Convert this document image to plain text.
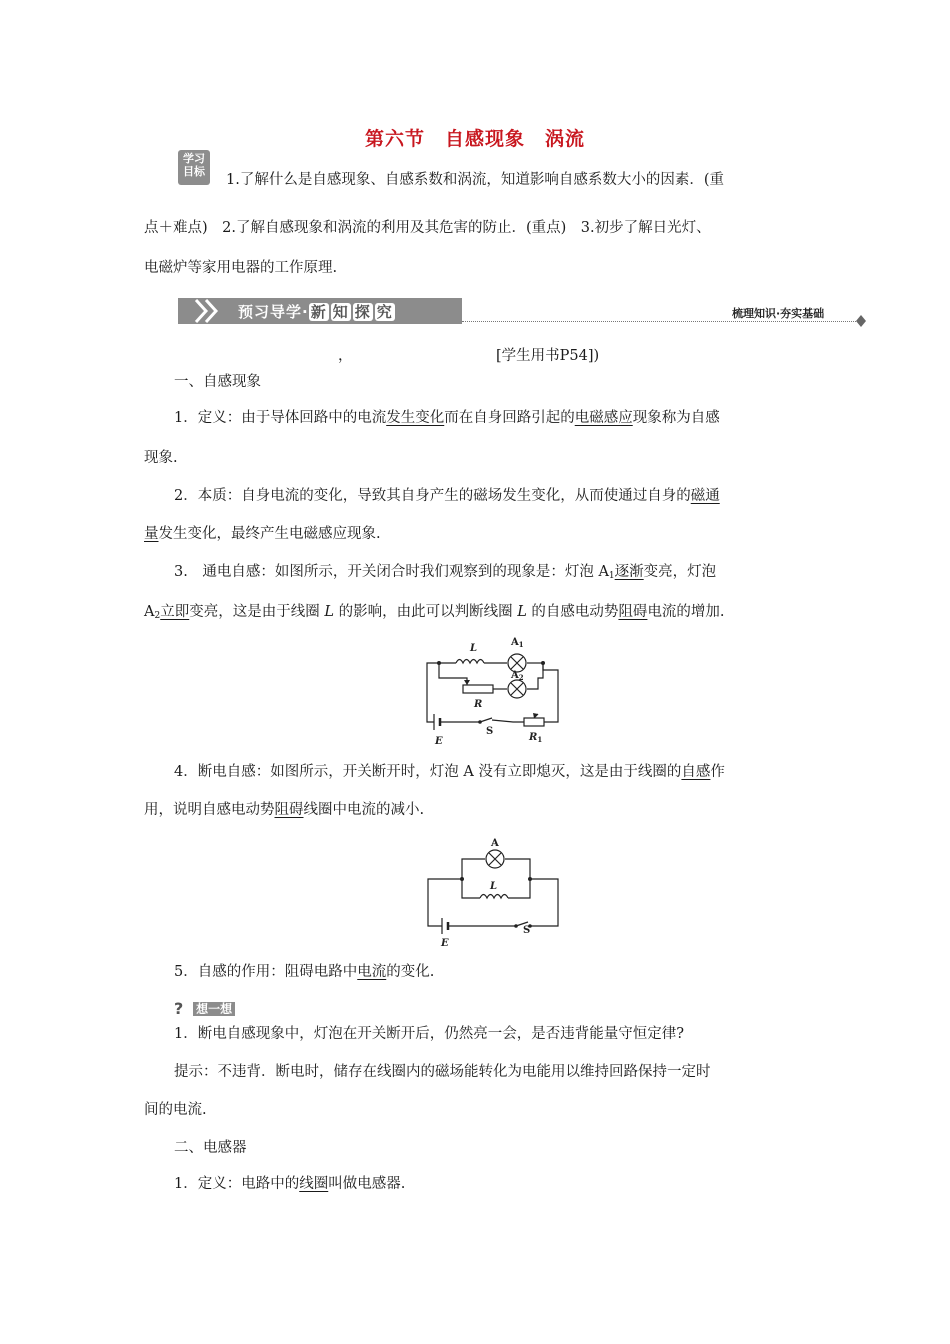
第六节　自感现象　涡流
学习
目标
1.了解什么是自感现象、自感系数和涡流，知道影响自感系数大小的因素．(重
点＋难点)　2.了解自感现象和涡流的利用及其危害的防止．(重点)　3.初步了解日光灯、
电磁炉等家用电器的工作原理.
预习导学· 新 知 探 究	梳理知识·夯实基础
，	[学生用书P54])
一、自感现象
1．定义：由于导体回路中的电流发生变化而在自身回路引起的电磁感应现象称为自感
现象.
2．本质：自身电流的变化，导致其自身产生的磁场发生变化，从而使通过自身的磁通
量发生变化，最终产生电磁感应现象.
3.　通电自感：如图所示，开关闭合时我们观察到的现象是：灯泡 $A_1$逐渐变亮，灯泡
$A_2$立即变亮，这是由于线圈 L 的影响，由此可以判断线圈 L 的自感电动势阻碍电流的增加.
L
$A_1$
$A_2$
R
S
$R_1$
E
4．断电自感：如图所示，开关断开时，灯泡 A 没有立即熄灭，这是由于线圈的自感作
用，说明自感电动势阻碍线圈中电流的减小.
A
L
S
E
5．自感的作用：阻碍电路中电流的变化.
? 想一想
1．断电自感现象中，灯泡在开关断开后，仍然亮一会，是否违背能量守恒定律?
提示：不违背．断电时，储存在线圈内的磁场能转化为电能用以维持回路保持一定时
间的电流.
二、电感器
1．定义：电路中的线圈叫做电感器.
